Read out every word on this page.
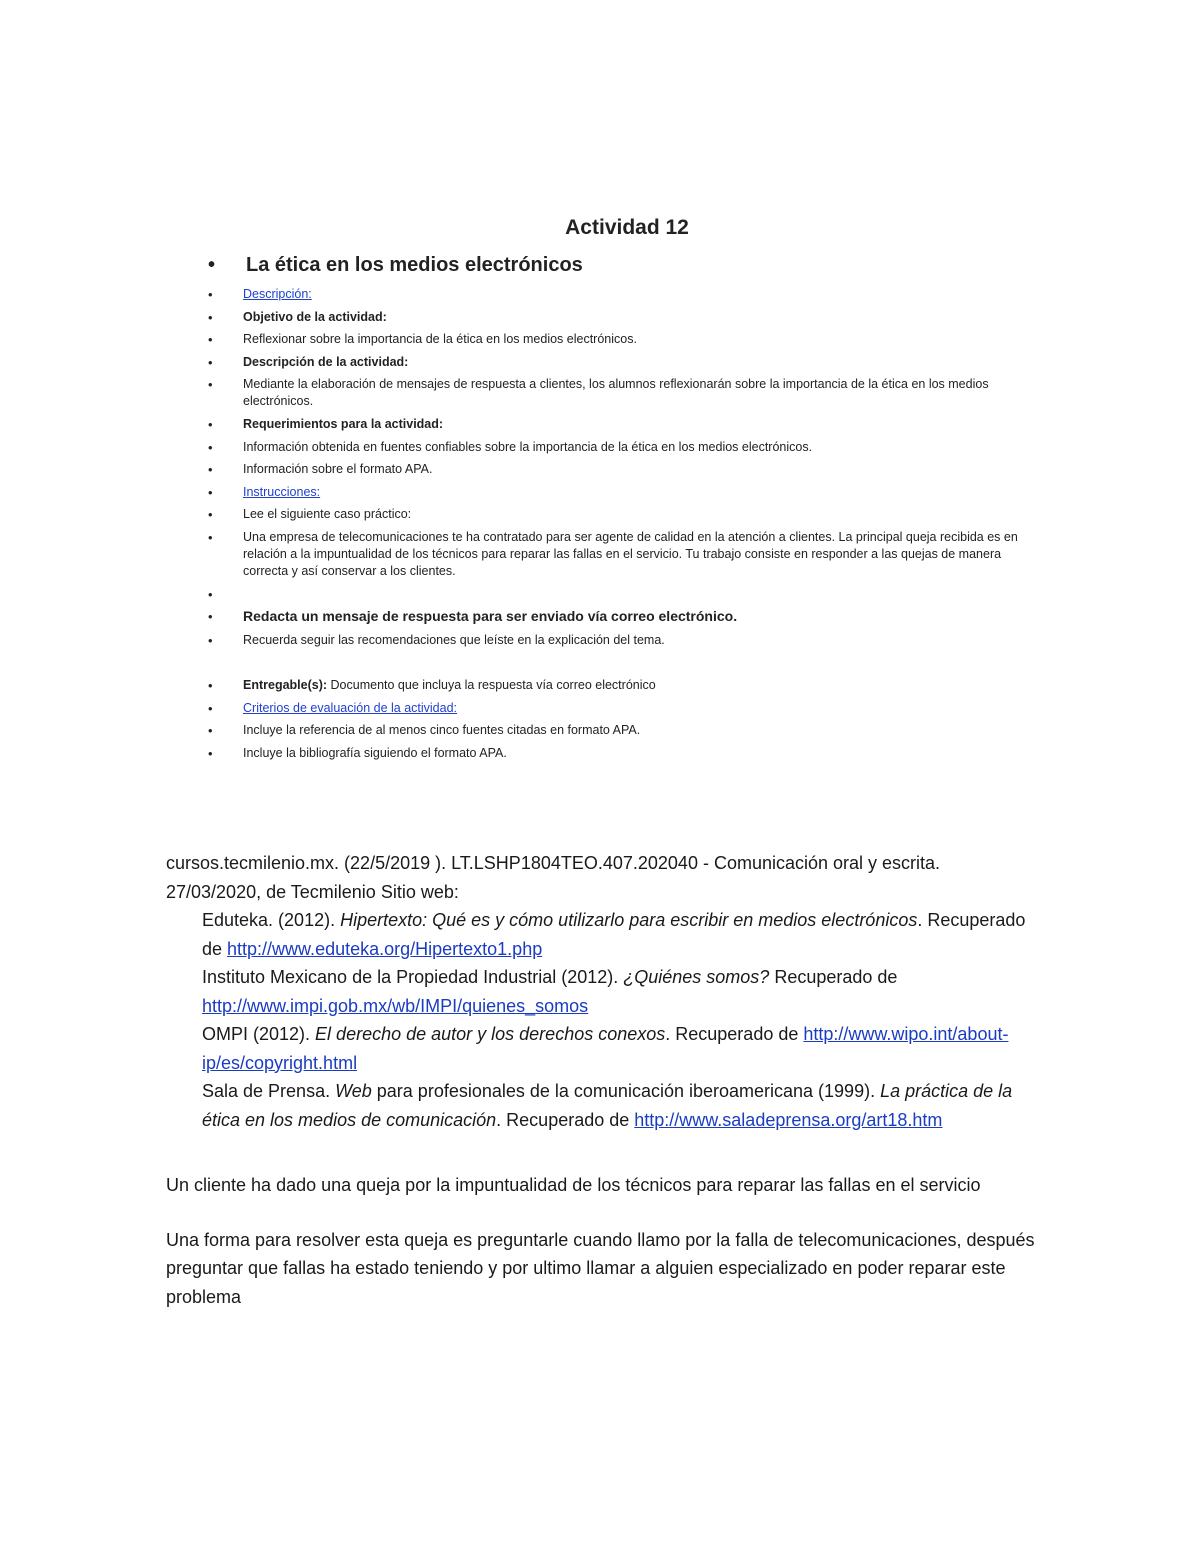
Actividad 12
• La ética en los medios electrónicos
• Descripción:
• Objetivo de la actividad:
• Reflexionar sobre la importancia de la ética en los medios electrónicos.
• Descripción de la actividad:
• Mediante la elaboración de mensajes de respuesta a clientes, los alumnos reflexionarán sobre la importancia de la ética en los medios electrónicos.
• Requerimientos para la actividad:
• Información obtenida en fuentes confiables sobre la importancia de la ética en los medios electrónicos.
• Información sobre el formato APA.
• Instrucciones:
• Lee el siguiente caso práctico:
• Una empresa de telecomunicaciones te ha contratado para ser agente de calidad en la atención a clientes. La principal queja recibida es en relación a la impuntualidad de los técnicos para reparar las fallas en el servicio. Tu trabajo consiste en responder a las quejas de manera correcta y así conservar a los clientes.
•
• Redacta un mensaje de respuesta para ser enviado vía correo electrónico.
• Recuerda seguir las recomendaciones que leíste en la explicación del tema.
• Entregable(s): Documento que incluya la respuesta vía correo electrónico
• Criterios de evaluación de la actividad:
• Incluye la referencia de al menos cinco fuentes citadas en formato APA.
• Incluye la bibliografía siguiendo el formato APA.

cursos.tecmilenio.mx. (22/5/2019 ). LT.LSHP1804TEO.407.202040 - Comunicación oral y escrita.

27/03/2020, de Tecmilenio Sitio web:

Eduteka. (2012). Hipertexto: Qué es y cómo utilizarlo para escribir en medios electrónicos. Recuperado de http://www.eduteka.org/Hipertexto1.php

Instituto Mexicano de la Propiedad Industrial (2012). ¿Quiénes somos? Recuperado de http://www.impi.gob.mx/wb/IMPI/quienes_somos

OMPI (2012). El derecho de autor y los derechos conexos. Recuperado de http://www.wipo.int/about-ip/es/copyright.html

Sala de Prensa. Web para profesionales de la comunicación iberoamericana (1999). La práctica de la ética en los medios de comunicación. Recuperado de http://www.saladeprensa.org/art18.htm

Un cliente ha dado una queja por la impuntualidad de los técnicos para reparar las fallas en el servicio

Una forma para resolver esta queja es preguntarle cuando llamo por la falla de telecomunicaciones, después preguntar que fallas ha estado teniendo y por ultimo llamar a alguien especializado en poder reparar este problema
